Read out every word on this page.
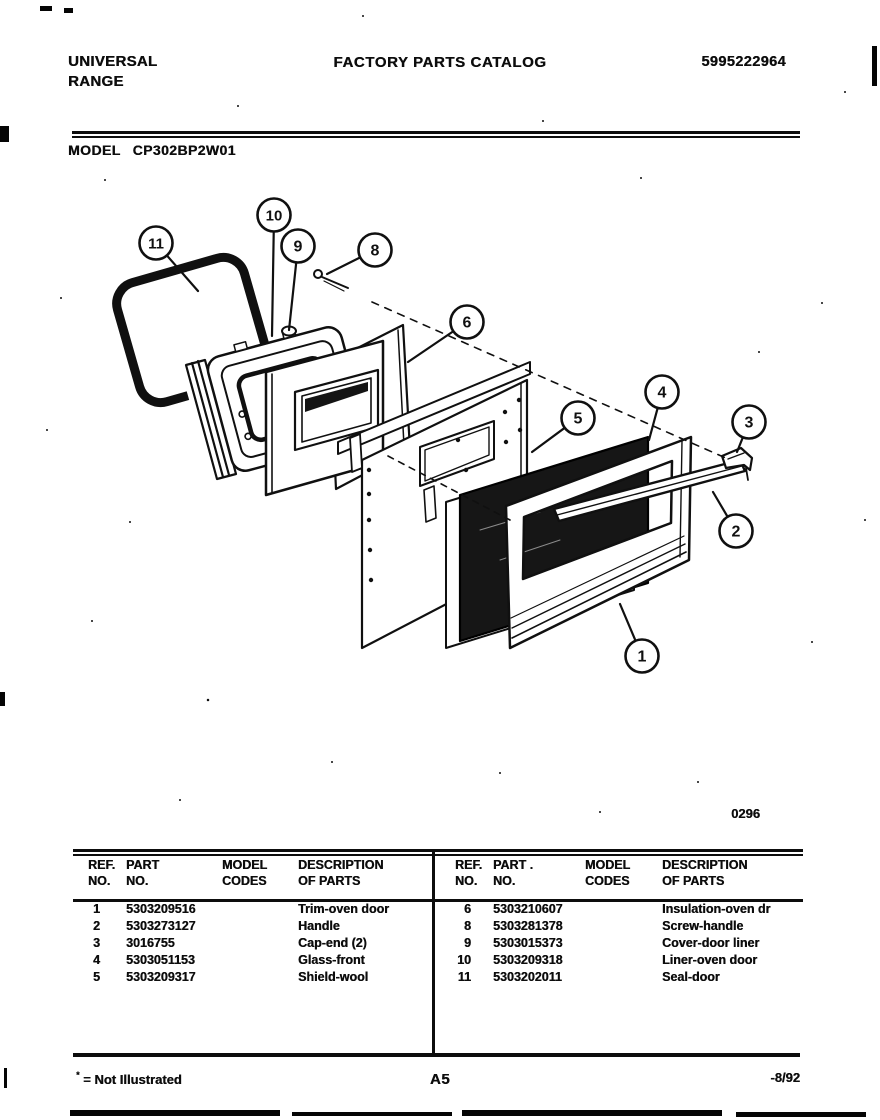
UNIVERSAL
RANGE
FACTORY PARTS CATALOG	5995222964
MODEL CP302BP2W01
1
2
3
4
5
6
8
9
10
11
0296
REF.
NO.
PART
NO.
MODEL
CODES
DESCRIPTION
OF PARTS
1 5303209516	Trim-oven door
2 5303273127	Handle
3 3016755	Cap-end (2)
4 5303051153	Glass-front
5 5303209317	Shield-wool
REF.
NO.
PART .
NO.
MODEL
CODES
DESCRIPTION
OF PARTS
6 5303210607	Insulation-oven dr
8 5303281378	Screw-handle
9 5303015373	Cover-door liner
10 5303209318	Liner-oven door
11 5303202011	Seal-door
* = Not Illustrated	A5	-8/92
